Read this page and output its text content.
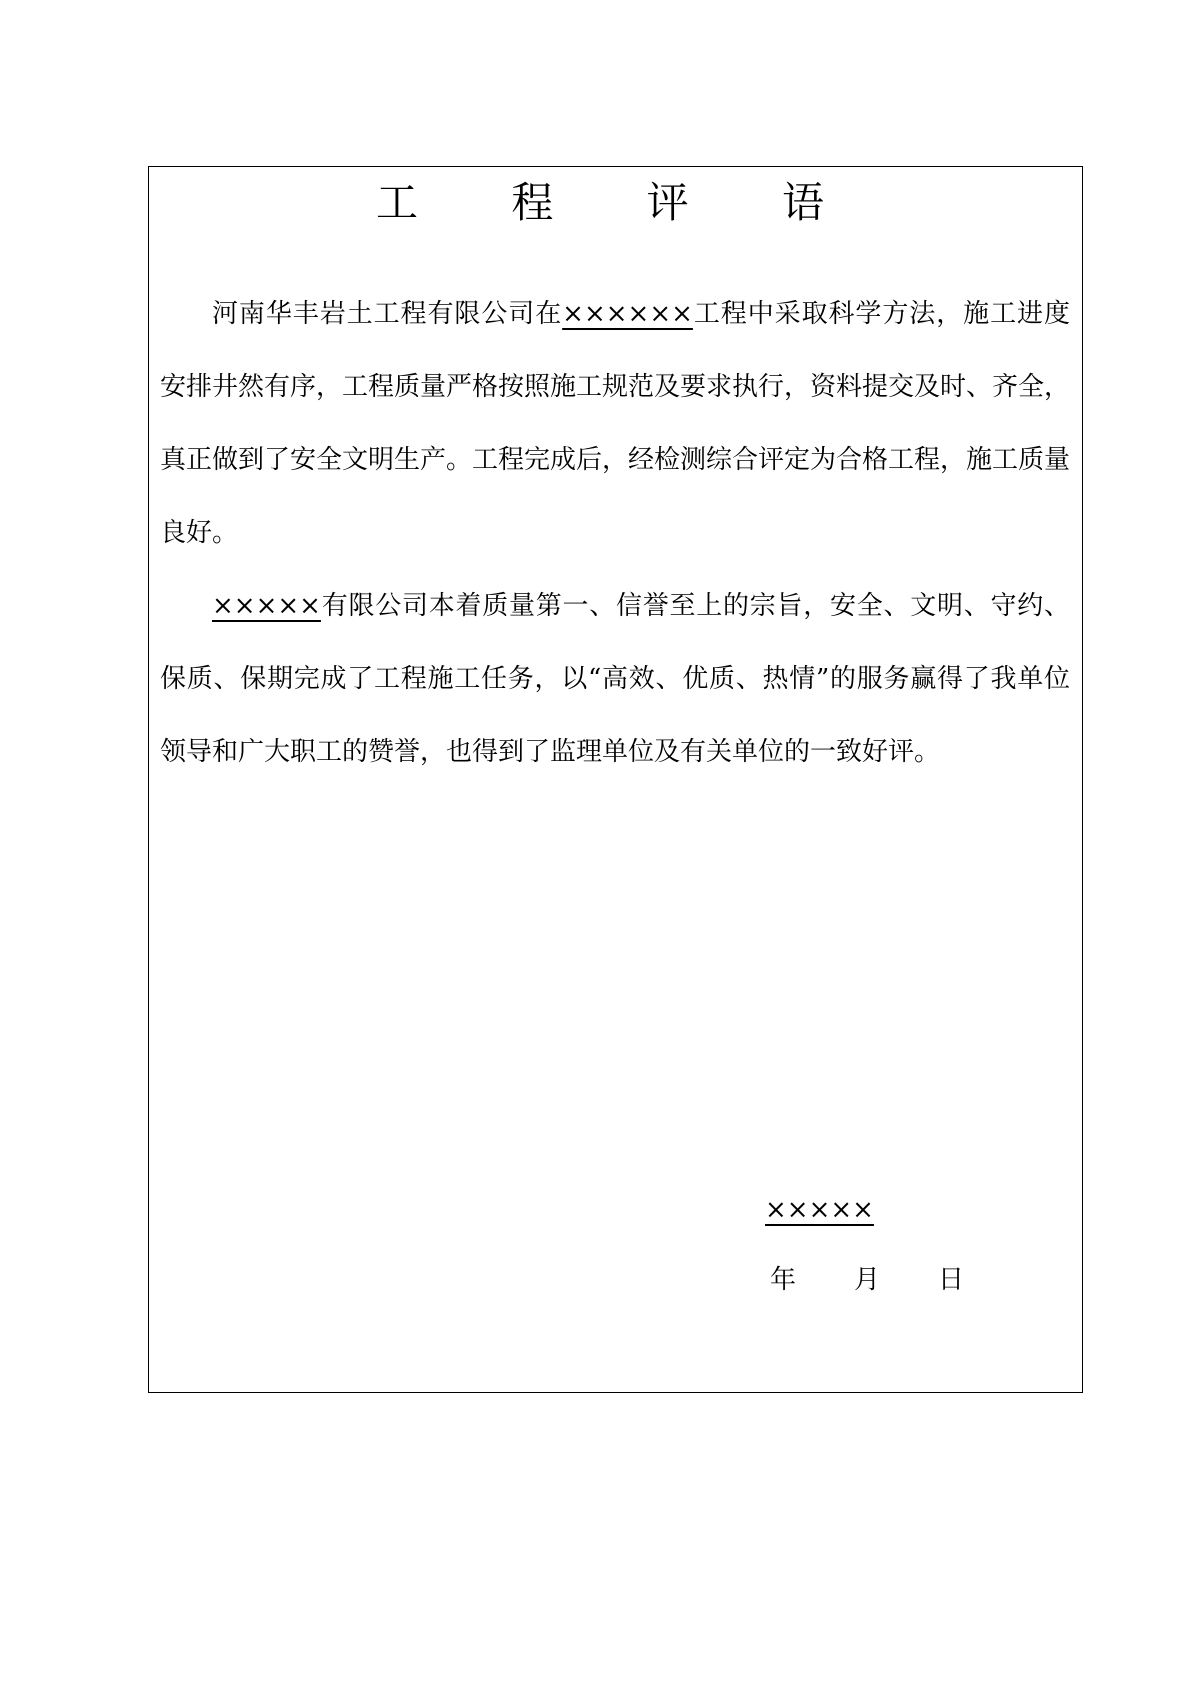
工 程 评 语

河南华丰岩土工程有限公司在××××××工程中采取科学方法，施工进度安排井然有序，工程质量严格按照施工规范及要求执行，资料提交及时、齐全，真正做到了安全文明生产。工程完成后，经检测综合评定为合格工程，施工质量良好。

×××××有限公司本着质量第一、信誉至上的宗旨，安全、文明、守约、保质、保期完成了工程施工任务，以“高效、优质、热情”的服务赢得了我单位领导和广大职工的赞誉，也得到了监理单位及有关单位的一致好评。

×××××
年 月 日
